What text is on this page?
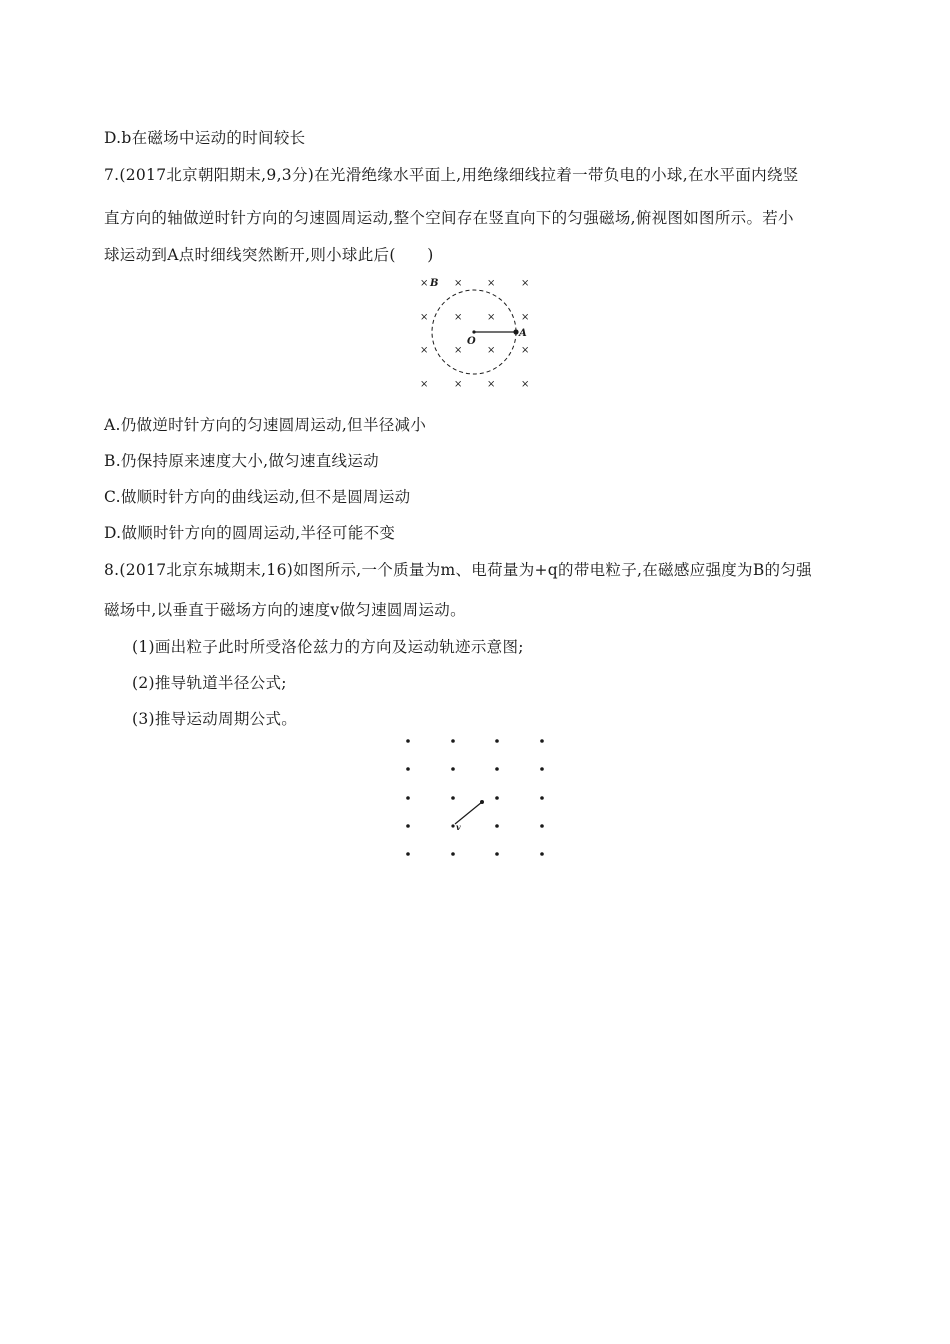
D.b在磁场中运动的时间较长
7.(2017北京朝阳期末,9,3分)在光滑绝缘水平面上,用绝缘细线拉着一带负电的小球,在水平面内绕竖
直方向的轴做逆时针方向的匀速圆周运动,整个空间存在竖直向下的匀强磁场,俯视图如图所示。若小
球运动到A点时细线突然断开,则小球此后(　　)
×	× ×	×
×	× ×	×
×	× ×	×
×	× ×	×
B
O
A
A.仍做逆时针方向的匀速圆周运动,但半径减小
B.仍保持原来速度大小,做匀速直线运动
C.做顺时针方向的曲线运动,但不是圆周运动
D.做顺时针方向的圆周运动,半径可能不变
8.(2017北京东城期末,16)如图所示,一个质量为m、电荷量为+q的带电粒子,在磁感应强度为B的匀强
磁场中,以垂直于磁场方向的速度v做匀速圆周运动。
(1)画出粒子此时所受洛伦兹力的方向及运动轨迹示意图;
(2)推导轨道半径公式;
(3)推导运动周期公式。
v
